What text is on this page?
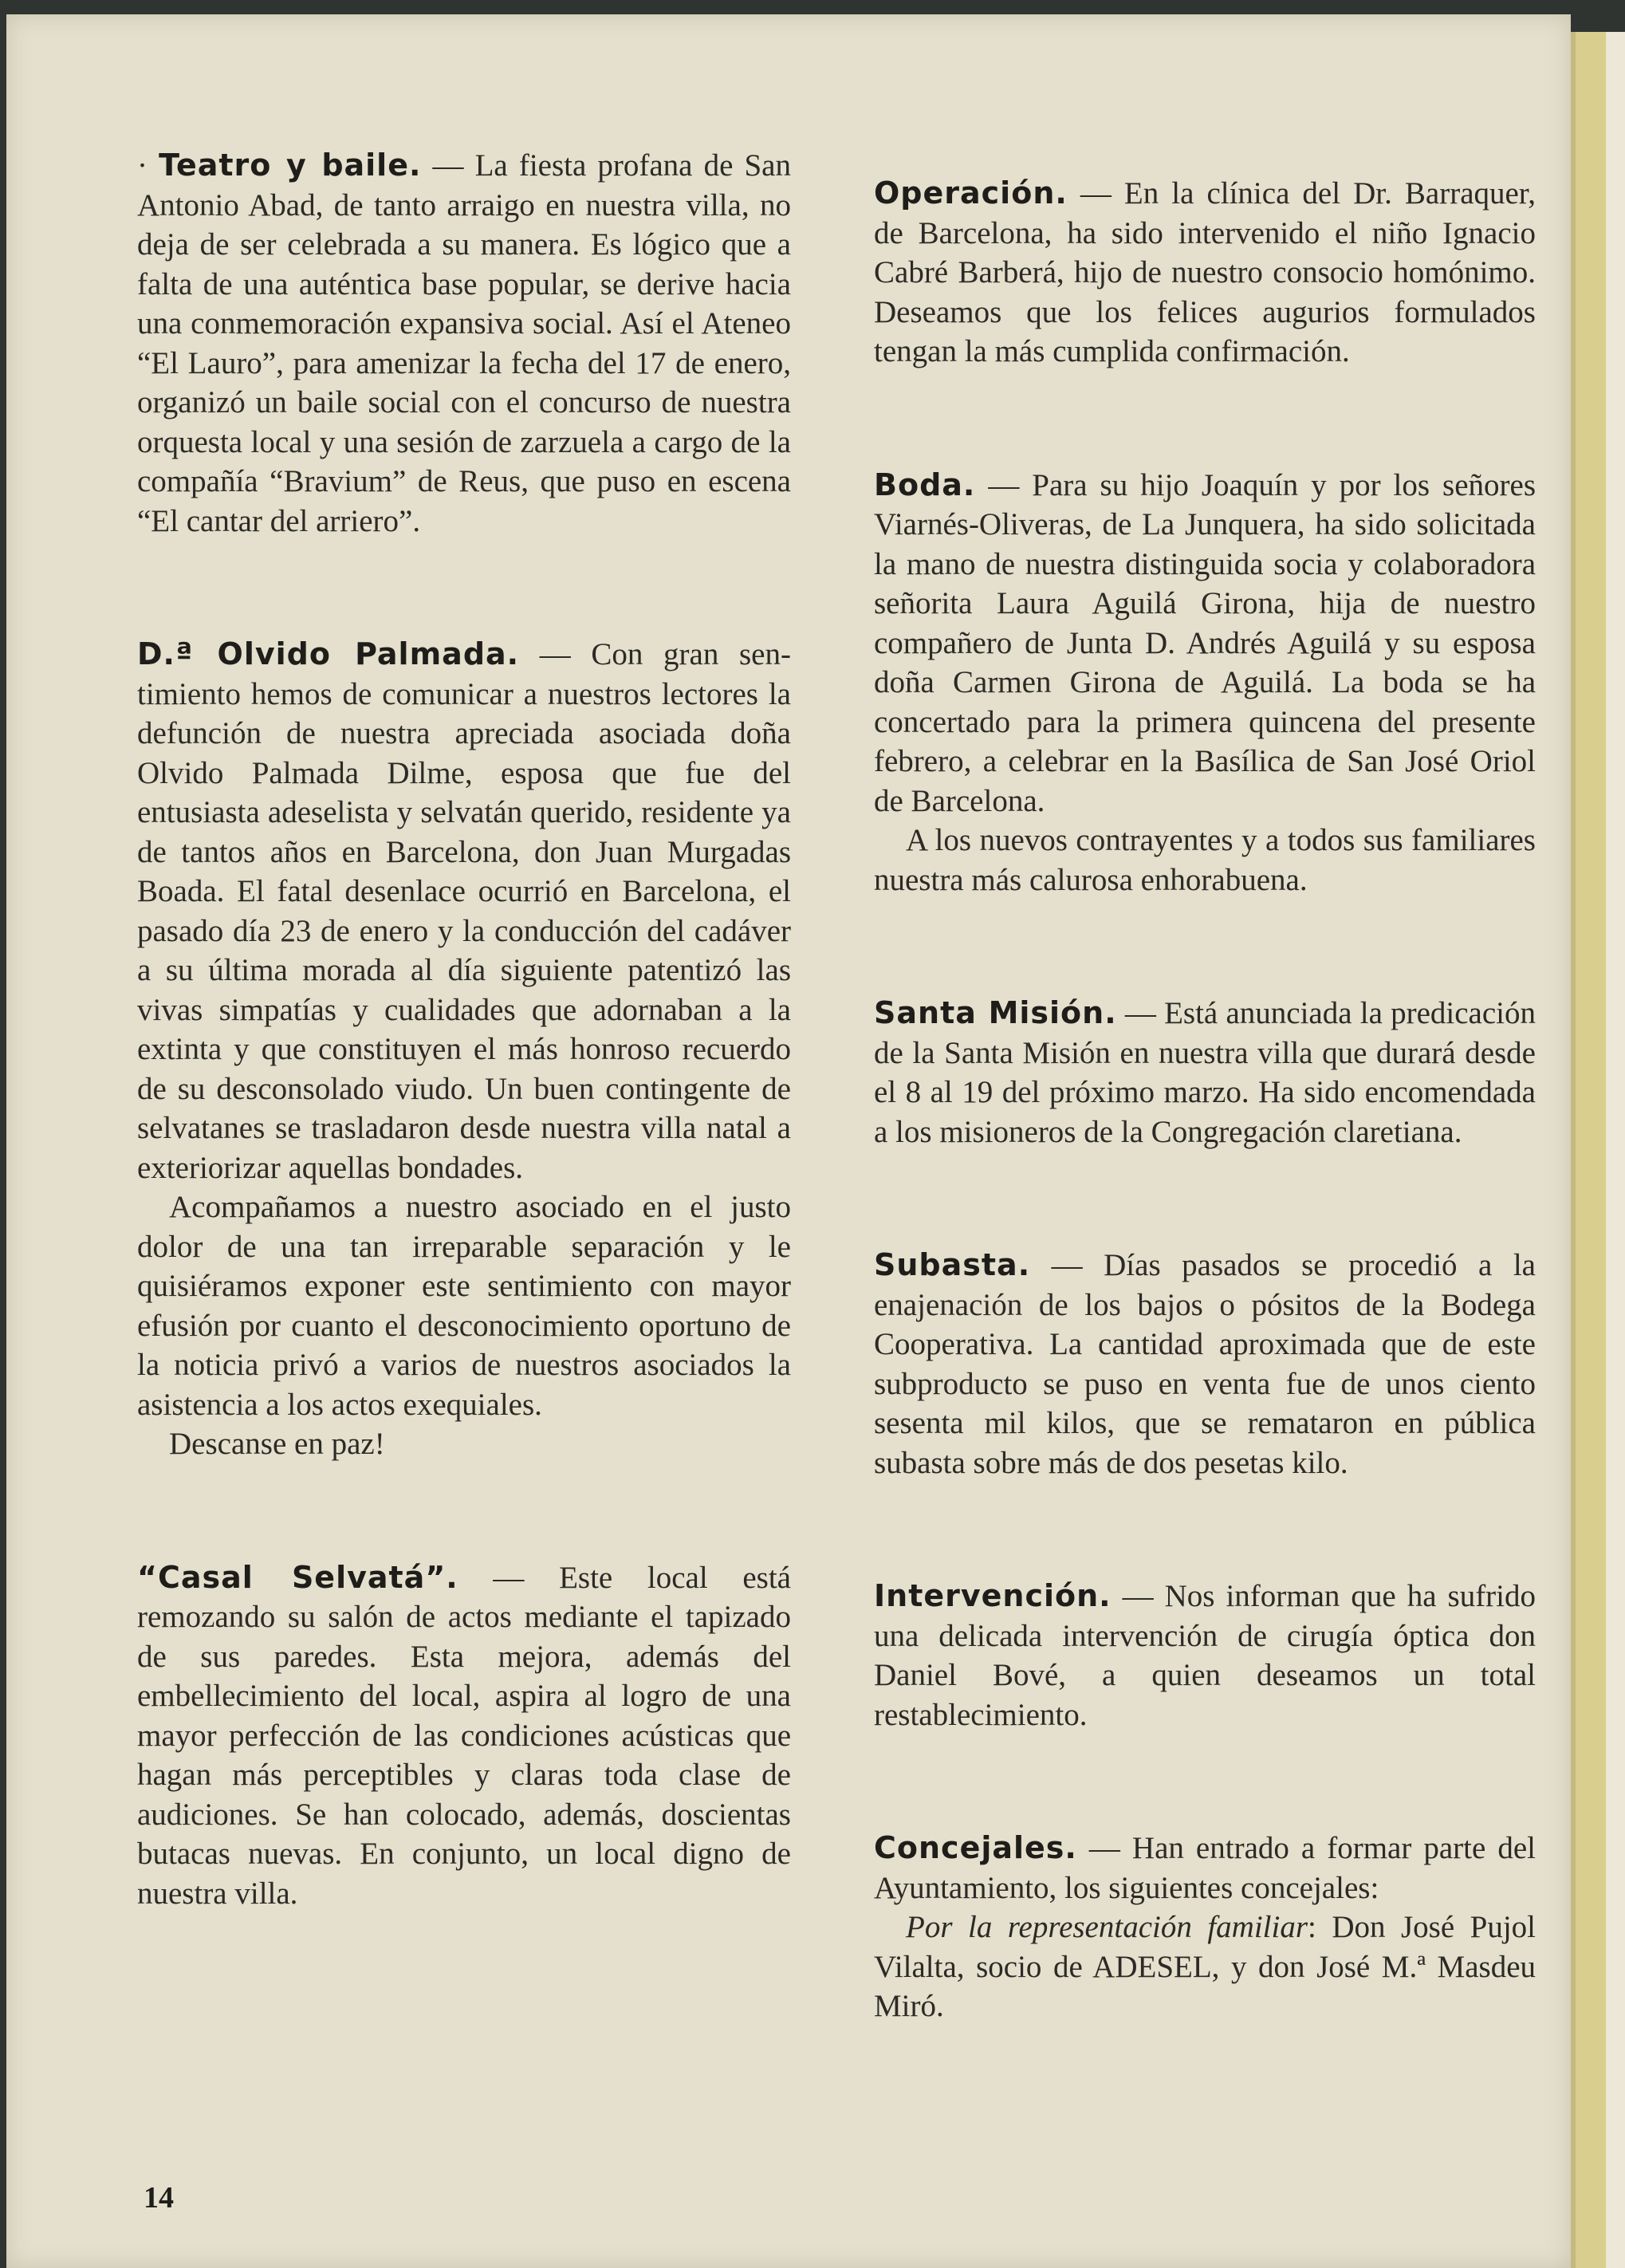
· Teatro y baile. — La fiesta profana de San Antonio Abad, de tanto arraigo en nuestra villa, no deja de ser celebrada a su manera. Es lógico que a falta de una auténtica base popular, se derive hacia una conmemoración expansiva social. Así el Ateneo “El Lauro”, para amenizar la fecha del 17 de enero, organizó un baile social con el concurso de nuestra orquesta local y una sesión de zarzuela a cargo de la compañía “Bravium” de Reus, que puso en escena “El cantar del arriero”.

D.ª Olvido Palmada. — Con gran sentimiento hemos de comunicar a nuestros lectores la defunción de nuestra apreciada asociada doña Olvido Palmada Dilme, esposa que fue del entusiasta adeselista y selvatán querido, residente ya de tantos años en Barcelona, don Juan Murgadas Boada. El fatal desenlace ocurrió en Barcelona, el pasado día 23 de enero y la conducción del cadáver a su última morada al día siguiente patentizó las vivas simpatías y cualidades que adornaban a la extinta y que constituyen el más honroso recuerdo de su desconsolado viudo. Un buen contingente de selvatanes se trasladaron desde nuestra villa natal a exteriorizar aquellas bondades.

Acompañamos a nuestro asociado en el justo dolor de una tan irreparable separación y le quisiéramos exponer este sentimiento con mayor efusión por cuanto el desconocimiento oportuno de la noticia privó a varios de nuestros asociados la asistencia a los actos exequiales.

Descanse en paz!

“Casal Selvatá”. — Este local está remozando su salón de actos mediante el tapizado de sus paredes. Esta mejora, además del embellecimiento del local, aspira al logro de una mayor perfección de las condiciones acústicas que hagan más perceptibles y claras toda clase de audiciones. Se han colocado, además, doscientas butacas nuevas. En conjunto, un local digno de nuestra villa.

Operación. — En la clínica del Dr. Barraquer, de Barcelona, ha sido intervenido el niño Ignacio Cabré Barberá, hijo de nuestro consocio homónimo. Deseamos que los felices augurios formulados tengan la más cumplida confirmación.

Boda. — Para su hijo Joaquín y por los señores Viarnés-Oliveras, de La Junquera, ha sido solicitada la mano de nuestra distinguida socia y colaboradora señorita Laura Aguilá Girona, hija de nuestro compañero de Junta D. Andrés Aguilá y su esposa doña Carmen Girona de Aguilá. La boda se ha concertado para la primera quincena del presente febrero, a celebrar en la Basílica de San José Oriol de Barcelona.

A los nuevos contrayentes y a todos sus familiares nuestra más calurosa enhorabuena.

Santa Misión. — Está anunciada la predicación de la Santa Misión en nuestra villa que durará desde el 8 al 19 del próximo marzo. Ha sido encomendada a los misioneros de la Congregación claretiana.

Subasta. — Días pasados se procedió a la enajenación de los bajos o pósitos de la Bodega Cooperativa. La cantidad aproximada que de este subproducto se puso en venta fue de unos ciento sesenta mil kilos, que se remataron en pública subasta sobre más de dos pesetas kilo.

Intervención. — Nos informan que ha sufrido una delicada intervención de cirugía óptica don Daniel Bové, a quien deseamos un total restablecimiento.

Concejales. — Han entrado a formar parte del Ayuntamiento, los siguientes concejales:

Por la representación familiar: Don José Pujol Vilalta, socio de ADESEL, y don José M.ª Masdeu Miró.

14
